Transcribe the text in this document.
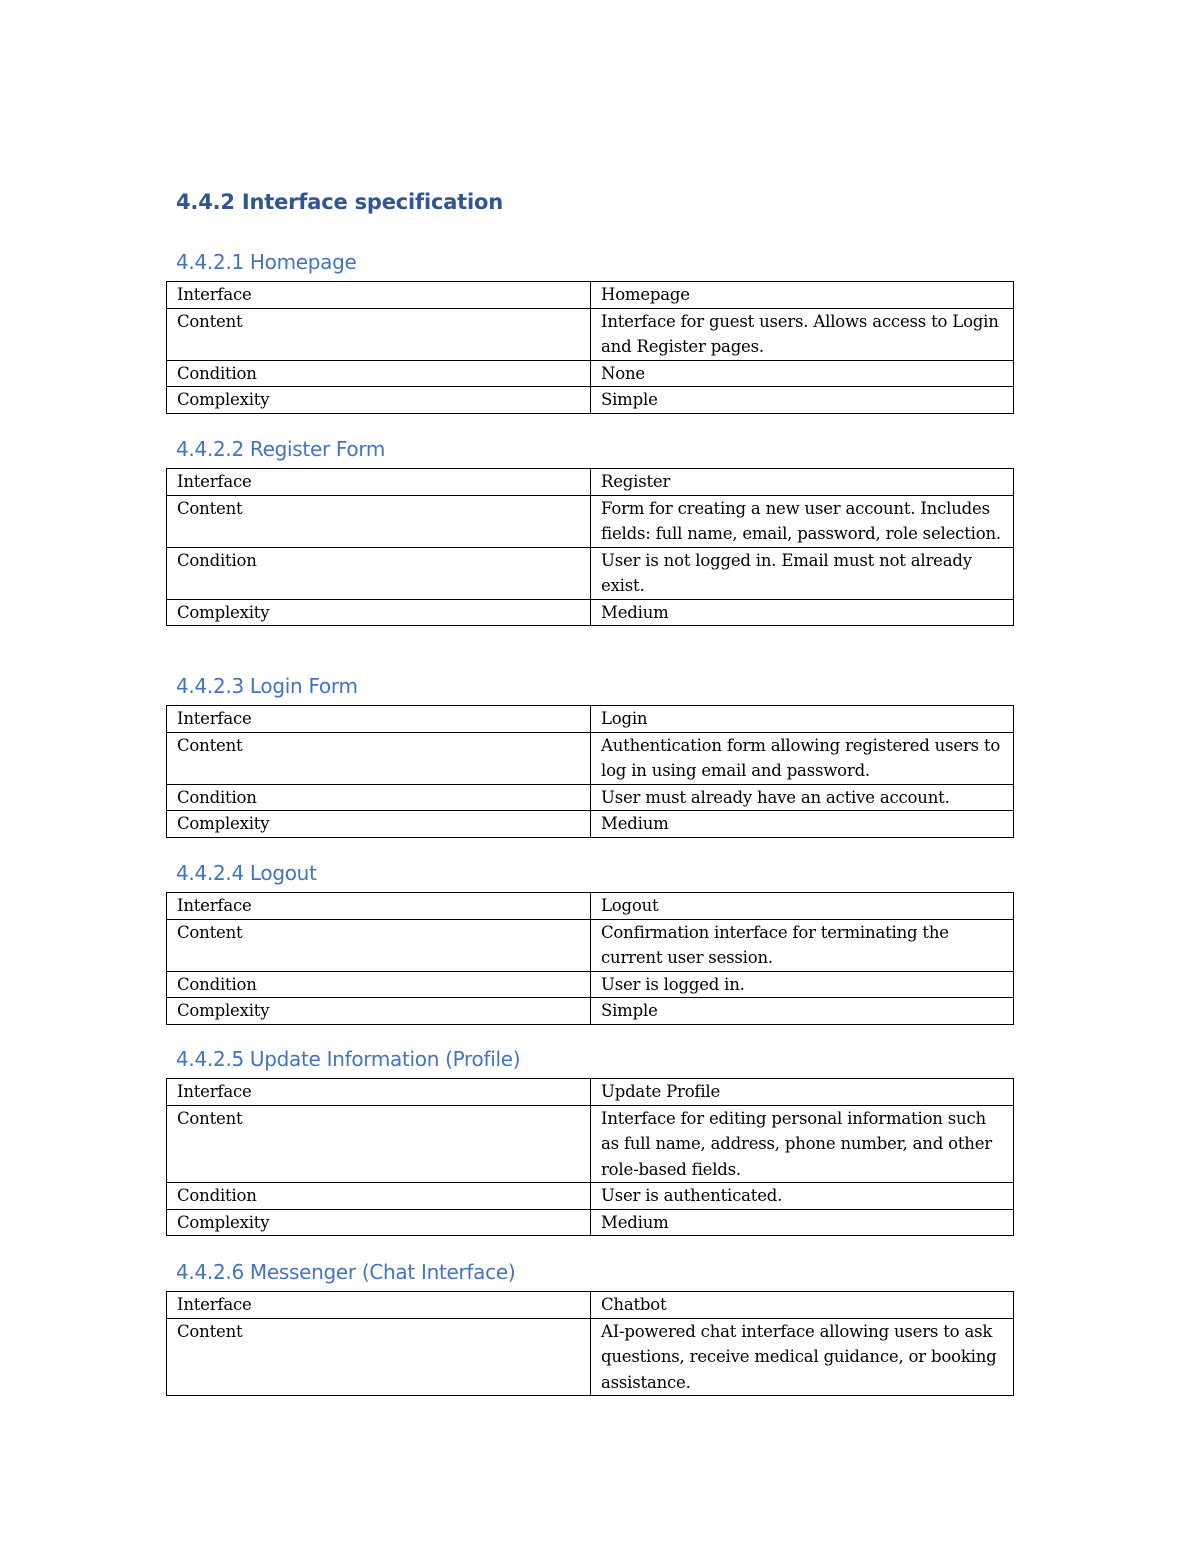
4.4.2 Interface specification
4.4.2.1 Homepage
Interface	Homepage
Content	Interface for guest users. Allows access to Login and Register pages.
Condition	None
Complexity	Simple
4.4.2.2 Register Form
Interface	Register
Content	Form for creating a new user account. Includes fields: full name, email, password, role selection.
Condition	User is not logged in. Email must not already exist.
Complexity	Medium
4.4.2.3 Login Form
Interface	Login
Content	Authentication form allowing registered users to log in using email and password.
Condition	User must already have an active account.
Complexity	Medium
4.4.2.4 Logout
Interface	Logout
Content	Confirmation interface for terminating the current user session.
Condition	User is logged in.
Complexity	Simple
4.4.2.5 Update Information (Profile)
Interface	Update Profile
Content	Interface for editing personal information such as full name, address, phone number, and other role-based fields.
Condition	User is authenticated.
Complexity	Medium
4.4.2.6 Messenger (Chat Interface)
Interface	Chatbot
Content	AI-powered chat interface allowing users to ask questions, receive medical guidance, or booking assistance.
